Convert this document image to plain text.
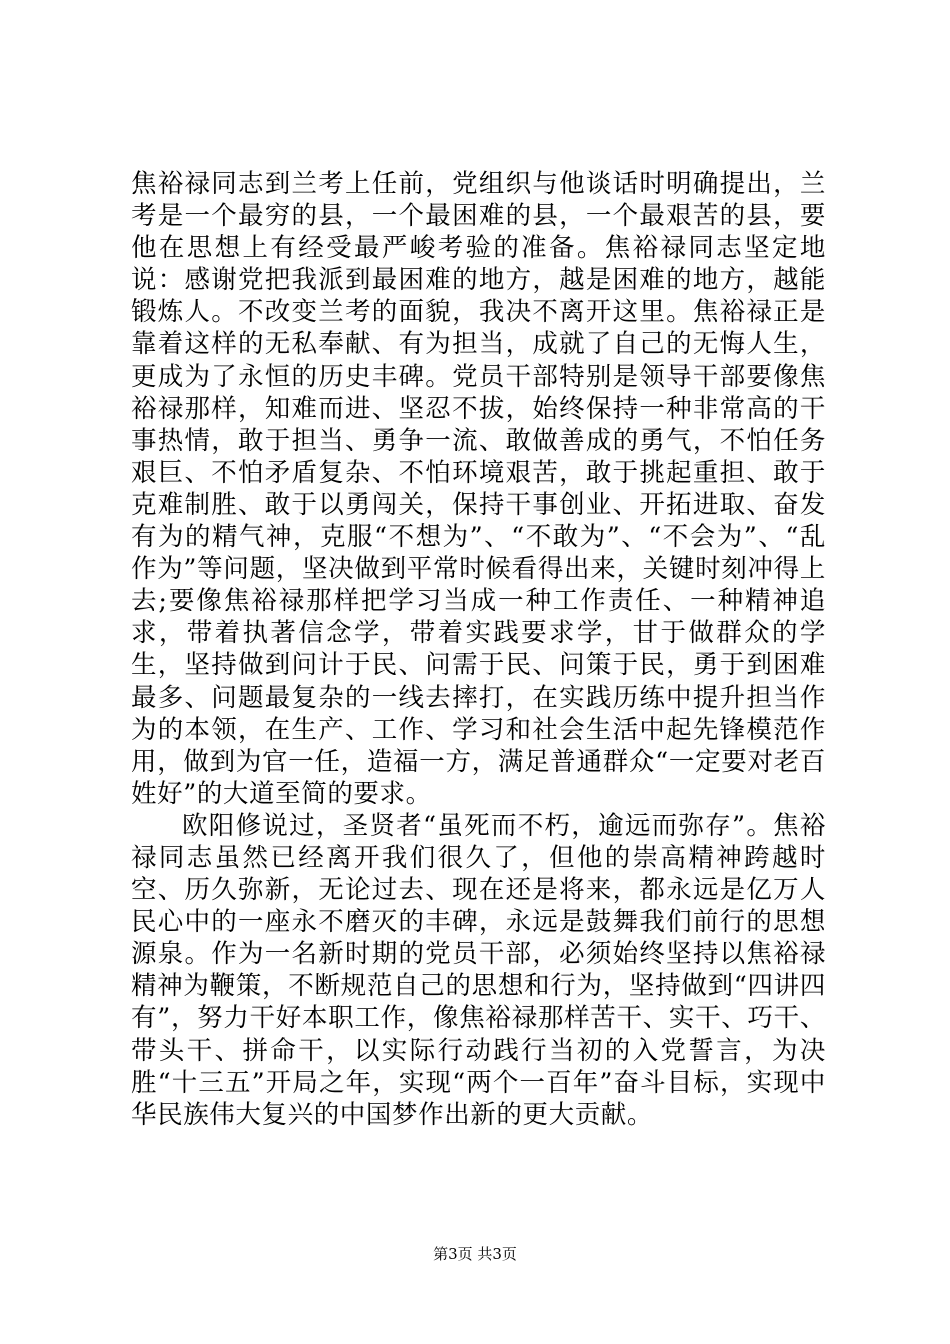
焦裕禄同志到兰考上任前，党组织与他谈话时明确提出，兰考是一个最穷的县，一个最困难的县，一个最艰苦的县，要他在思想上有经受最严峻考验的准备。焦裕禄同志坚定地说：感谢党把我派到最困难的地方，越是困难的地方，越能锻炼人。不改变兰考的面貌，我决不离开这里。焦裕禄正是靠着这样的无私奉献、有为担当，成就了自己的无悔人生，更成为了永恒的历史丰碑。党员干部特别是领导干部要像焦裕禄那样，知难而进、坚忍不拔，始终保持一种非常高的干事热情，敢于担当、勇争一流、敢做善成的勇气，不怕任务艰巨、不怕矛盾复杂、不怕环境艰苦，敢于挑起重担、敢于克难制胜、敢于以勇闯关，保持干事创业、开拓进取、奋发有为的精气神，克服“不想为”、“不敢为”、“不会为”、“乱作为”等问题，坚决做到平常时候看得出来，关键时刻冲得上去;要像焦裕禄那样把学习当成一种工作责任、一种精神追求，带着执著信念学，带着实践要求学，甘于做群众的学生，坚持做到问计于民、问需于民、问策于民，勇于到困难最多、问题最复杂的一线去摔打，在实践历练中提升担当作为的本领，在生产、工作、学习和社会生活中起先锋模范作用，做到为官一任，造福一方，满足普通群众“一定要对老百姓好”的大道至简的要求。

欧阳修说过，圣贤者“虽死而不朽，逾远而弥存”。焦裕禄同志虽然已经离开我们很久了，但他的崇高精神跨越时空、历久弥新，无论过去、现在还是将来，都永远是亿万人民心中的一座永不磨灭的丰碑，永远是鼓舞我们前行的思想源泉。作为一名新时期的党员干部，必须始终坚持以焦裕禄精神为鞭策，不断规范自己的思想和行为，坚持做到“四讲四有”，努力干好本职工作，像焦裕禄那样苦干、实干、巧干、带头干、拼命干，以实际行动践行当初的入党誓言，为决胜“十三五”开局之年，实现“两个一百年”奋斗目标，实现中华民族伟大复兴的中国梦作出新的更大贡献。

第3页 共3页
